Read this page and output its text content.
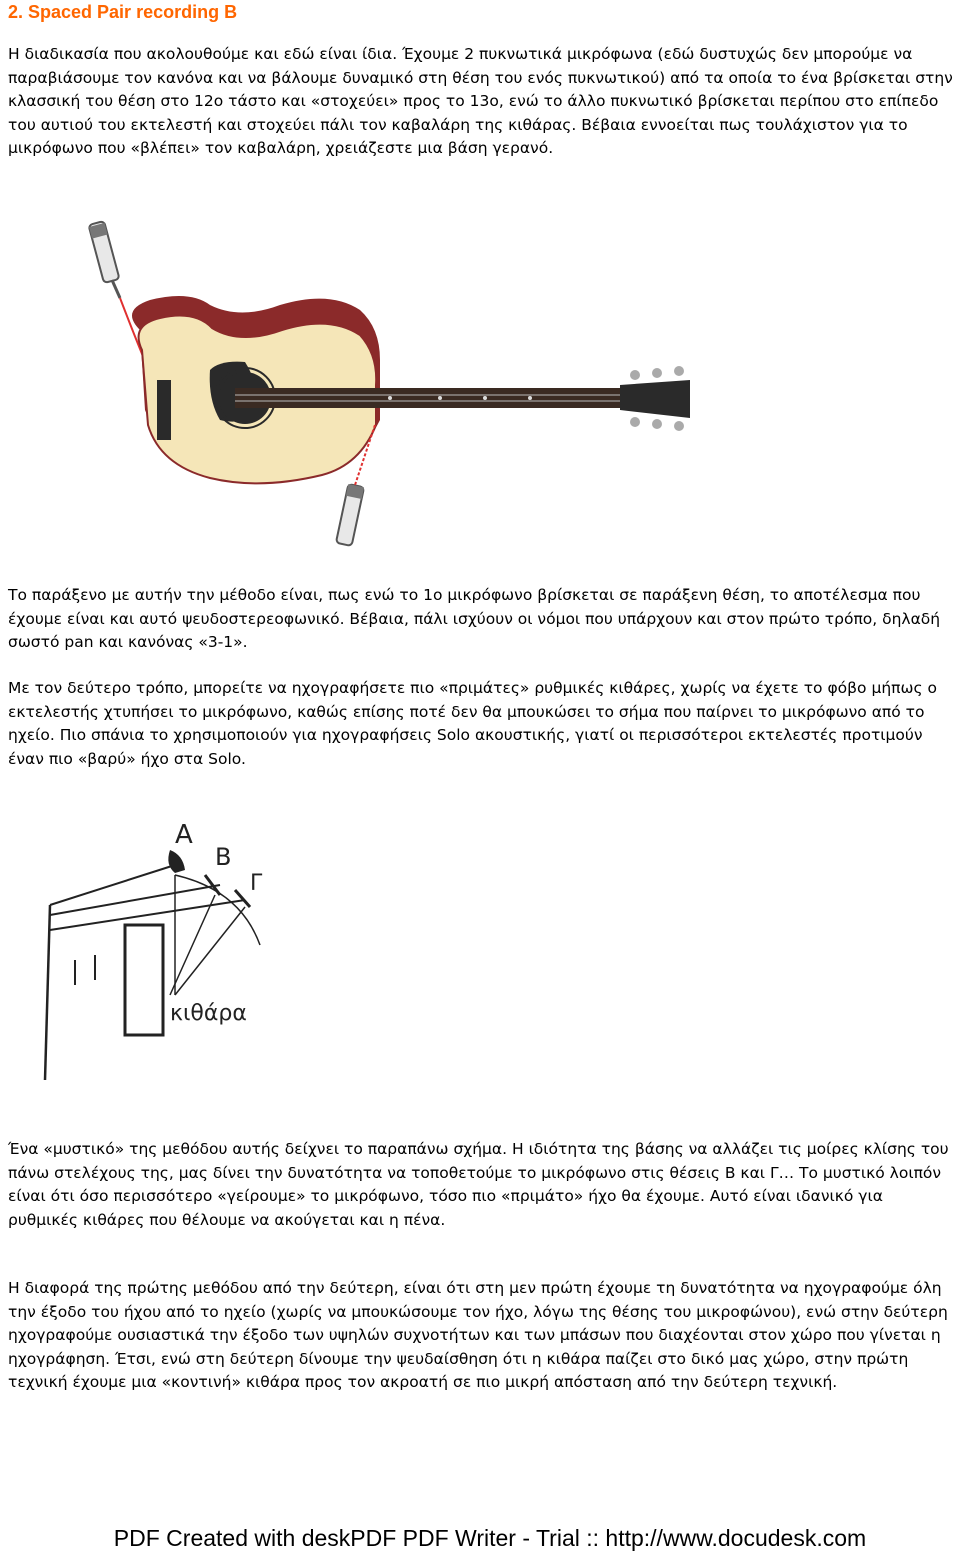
2. Spaced Pair recording B

Η διαδικασία που ακολουθούμε και εδώ είναι ίδια. Έχουμε 2 πυκνωτικά μικρόφωνα (εδώ δυστυχώς δεν μπορούμε να παραβιάσουμε τον κανόνα και να βάλουμε δυναμικό στη θέση του ενός πυκνωτικού) από τα οποία το ένα βρίσκεται στην κλασσική του θέση στο 12ο τάστο και «στοχεύει» προς το 13ο, ενώ το άλλο πυκνωτικό βρίσκεται περίπου στο επίπεδο του αυτιού του εκτελεστή και στοχεύει πάλι τον καβαλάρη της κιθάρας. Βέβαια εννοείται πως τουλάχιστον για το μικρόφωνο που «βλέπει» τον καβαλάρη, χρειάζεστε μια βάση γερανό.

Το παράξενο με αυτήν την μέθοδο είναι, πως ενώ το 1ο μικρόφωνο βρίσκεται σε παράξενη θέση, το αποτέλεσμα που έχουμε είναι και αυτό ψευδοστερεοφωνικό. Βέβαια, πάλι ισχύουν οι νόμοι που υπάρχουν και στον πρώτο τρόπο, δηλαδή σωστό pan και κανόνας «3-1».

Με τον δεύτερο τρόπο, μπορείτε να ηχογραφήσετε πιο «πριμάτες» ρυθμικές κιθάρες, χωρίς να έχετε το φόβο μήπως ο εκτελεστής χτυπήσει το μικρόφωνο, καθώς επίσης ποτέ δεν θα μπουκώσει το σήμα που παίρνει το μικρόφωνο από το ηχείο. Πιο σπάνια το χρησιμοποιούν για ηχογραφήσεις Solo ακουστικής, γιατί οι περισσότεροι εκτελεστές προτιμούν έναν πιο «βαρύ» ήχο στα Solo.

A
B
Γ
κιθάρα

Ένα «μυστικό» της μεθόδου αυτής δείχνει το παραπάνω σχήμα. Η ιδιότητα της βάσης να αλλάζει τις μοίρες κλίσης του πάνω στελέχους της, μας δίνει την δυνατότητα να τοποθετούμε το μικρόφωνο στις θέσεις Β και Γ… Το μυστικό λοιπόν είναι ότι όσο περισσότερο «γείρουμε» το μικρόφωνο, τόσο πιο «πριμάτο» ήχο θα έχουμε. Αυτό είναι ιδανικό για ρυθμικές κιθάρες που θέλουμε να ακούγεται και η πένα.

Η διαφορά της πρώτης μεθόδου από την δεύτερη, είναι ότι στη μεν πρώτη έχουμε τη δυνατότητα να ηχογραφούμε όλη την έξοδο του ήχου από το ηχείο (χωρίς να μπουκώσουμε τον ήχο, λόγω της θέσης του μικροφώνου), ενώ στην δεύτερη ηχογραφούμε ουσιαστικά την έξοδο των υψηλών συχνοτήτων και των μπάσων που διαχέονται στον χώρο που γίνεται η ηχογράφηση. Έτσι, ενώ στη δεύτερη δίνουμε την ψευδαίσθηση ότι η κιθάρα παίζει στο δικό μας χώρο, στην πρώτη τεχνική έχουμε μια «κοντινή» κιθάρα προς τον ακροατή σε πιο μικρή απόσταση από την δεύτερη τεχνική.

PDF Created with deskPDF PDF Writer - Trial :: http://www.docudesk.com
